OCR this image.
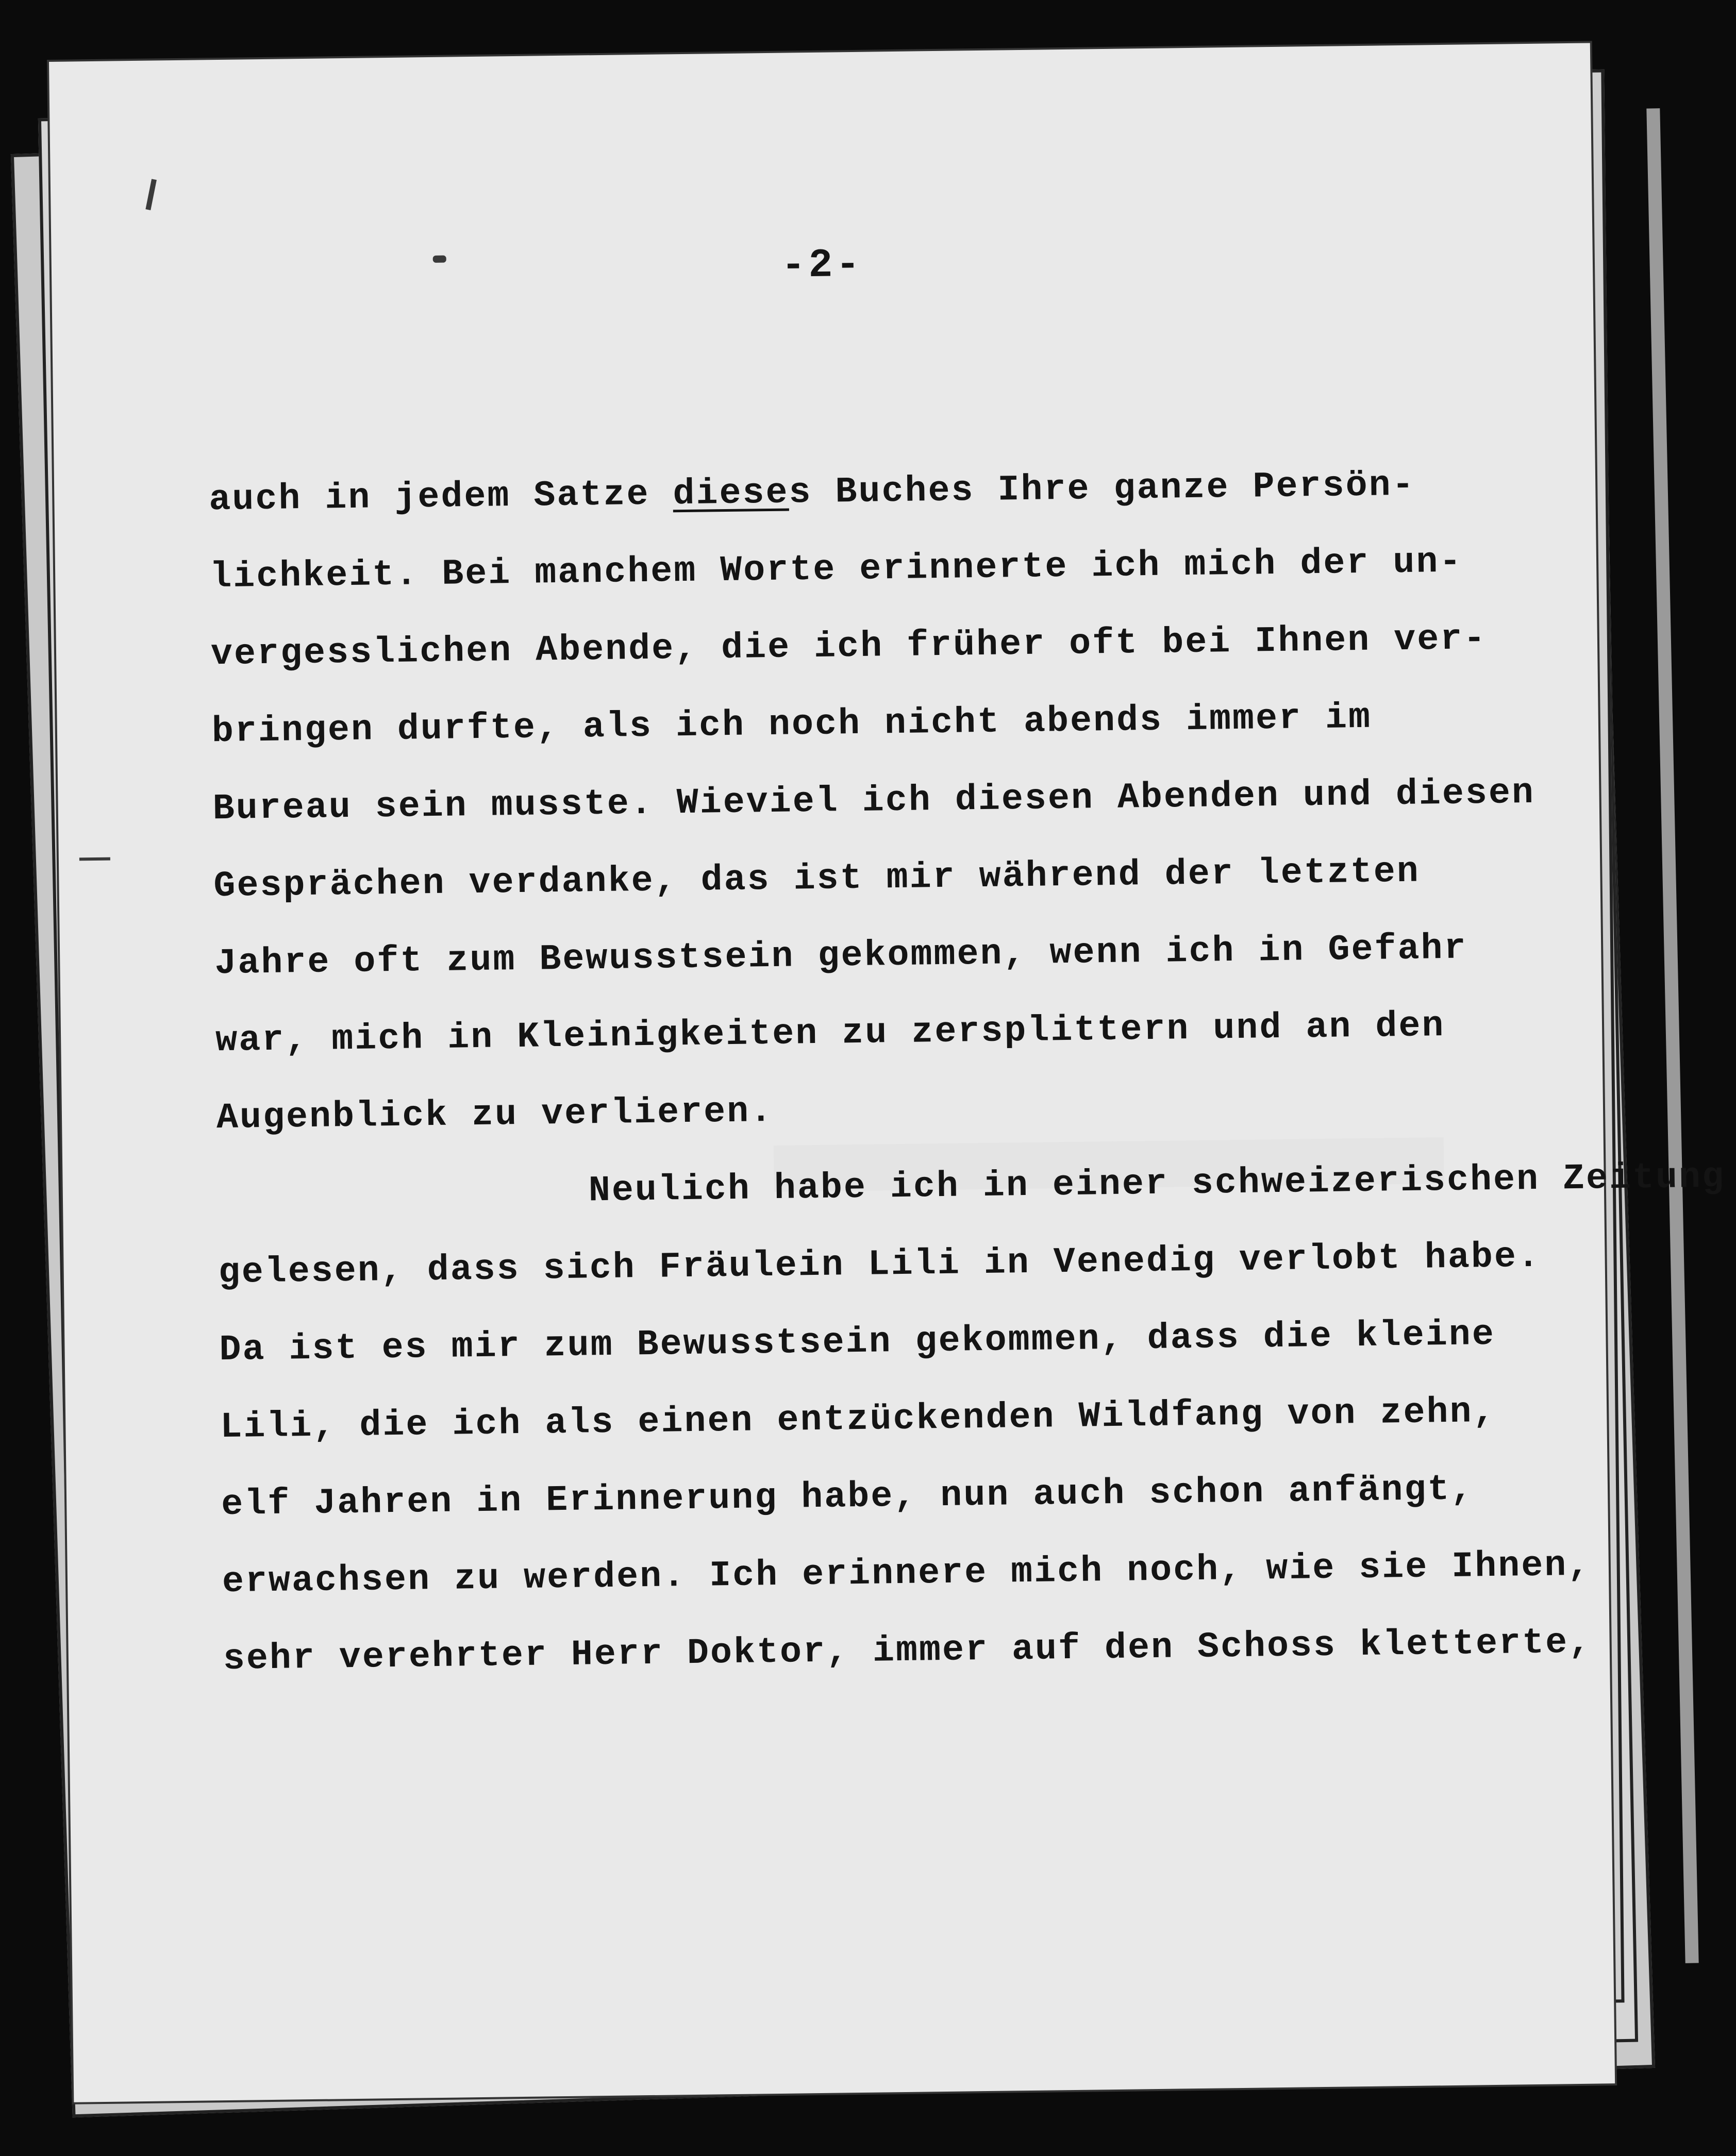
-2-
auch in jedem Satze dieses Buches Ihre ganze Persön-
lichkeit. Bei manchem Worte erinnerte ich mich der un-
vergesslichen Abende, die ich früher oft bei Ihnen ver-
bringen durfte, als ich noch nicht abends immer im
Bureau sein musste. Wieviel ich diesen Abenden und diesen
Gesprächen verdanke, das ist mir während der letzten
Jahre oft zum Bewusstsein gekommen, wenn ich in Gefahr
war, mich in Kleinigkeiten zu zersplittern und an den
Augenblick zu verlieren.
Neulich habe ich in einer schweizerischen Zeitung
gelesen, dass sich Fräulein Lili in Venedig verlobt habe.
Da ist es mir zum Bewusstsein gekommen, dass die kleine
Lili, die ich als einen entzückenden Wildfang von zehn,
elf Jahren in Erinnerung habe, nun auch schon anfängt,
erwachsen zu werden. Ich erinnere mich noch, wie sie Ihnen,
sehr verehrter Herr Doktor, immer auf den Schoss kletterte,
